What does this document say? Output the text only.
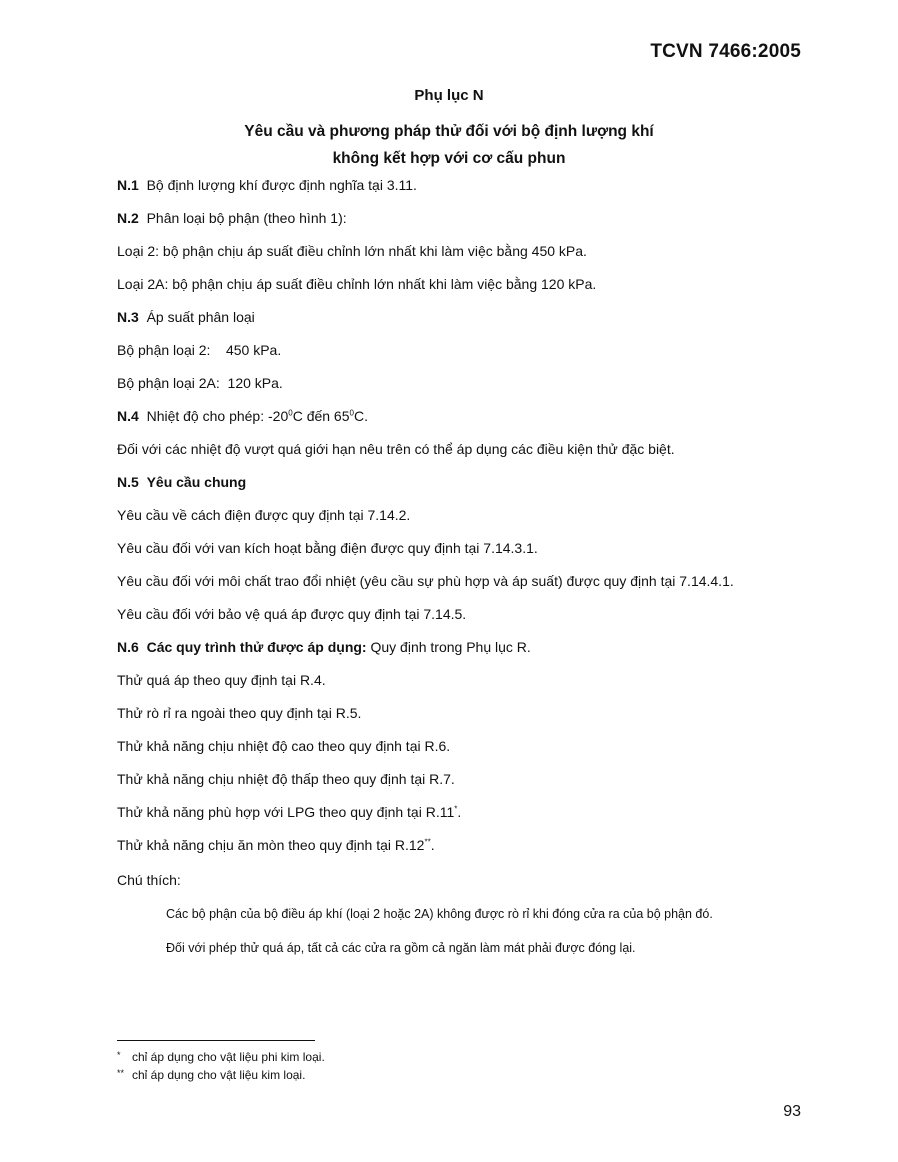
TCVN 7466:2005
Phụ lục N
Yêu cầu và phương pháp thử đối với bộ định lượng khí
không kết hợp với cơ cấu phun
N.1 Bộ định lượng khí được định nghĩa tại 3.11.
N.2 Phân loại bộ phận (theo hình 1):
Loại 2: bộ phận chịu áp suất điều chỉnh lớn nhất khi làm việc bằng 450 kPa.
Loại 2A: bộ phận chịu áp suất điều chỉnh lớn nhất khi làm việc bằng 120 kPa.
N.3 Áp suất phân loại
Bộ phận loại 2: 450 kPa.
Bộ phận loại 2A: 120 kPa.
N.4 Nhiệt độ cho phép: $-20^0C$ đến $65^0C$.
Đối với các nhiệt độ vượt quá giới hạn nêu trên có thể áp dụng các điều kiện thử đặc biệt.
N.5 Yêu cầu chung
Yêu cầu về cách điện được quy định tại 7.14.2.
Yêu cầu đối với van kích hoạt bằng điện được quy định tại 7.14.3.1.
Yêu cầu đối với môi chất trao đổi nhiệt (yêu cầu sự phù hợp và áp suất) được quy định tại 7.14.4.1.
Yêu cầu đối với bảo vệ quá áp được quy định tại 7.14.5.
N.6 Các quy trình thử được áp dụng: Quy định trong Phụ lục R.
Thử quá áp theo quy định tại R.4.
Thử rò rỉ ra ngoài theo quy định tại R.5.
Thử khả năng chịu nhiệt độ cao theo quy định tại R.6.
Thử khả năng chịu nhiệt độ thấp theo quy định tại R.7.
Thử khả năng phù hợp với LPG theo quy định tại R.11*.
Thử khả năng chịu ăn mòn theo quy định tại R.12**.
Chú thích:
Các bộ phận của bộ điều áp khí (loại 2 hoặc 2A) không được rò rỉ khi đóng cửa ra của bộ phận đó.
Đối với phép thử quá áp, tất cả các cửa ra gồm cả ngăn làm mát phải được đóng lại.
* chỉ áp dụng cho vật liệu phi kim loại.
** chỉ áp dụng cho vật liệu kim loại.
93
